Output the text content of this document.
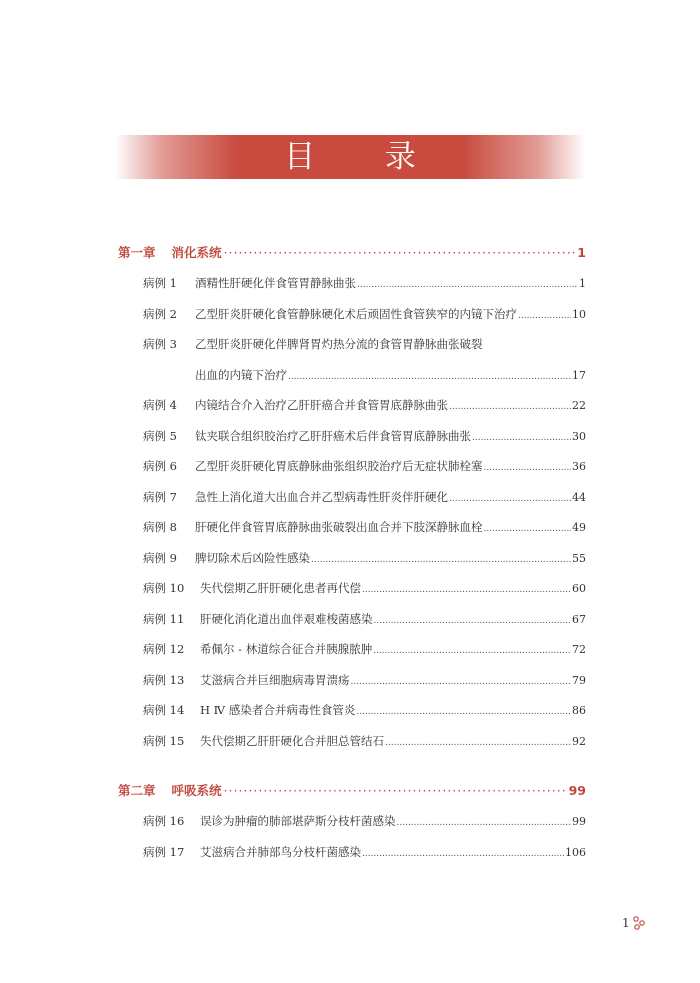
目 录
第一章 消化系统 ·····	1
病例 1	酒精性肝硬化伴食管胃静脉曲张 .....	1
病例 2	乙型肝炎肝硬化食管静脉硬化术后顽固性食管狭窄的内镜下治疗 .....	10
病例 3	乙型肝炎肝硬化伴脾肾胃灼热分流的食管胃静脉曲张破裂
出血的内镜下治疗 .....	17
病例 4	内镜结合介入治疗乙肝肝癌合并食管胃底静脉曲张 .....	22
病例 5	钛夹联合组织胶治疗乙肝肝癌术后伴食管胃底静脉曲张 .....	30
病例 6	乙型肝炎肝硬化胃底静脉曲张组织胶治疗后无症状肺栓塞 .....	36
病例 7	急性上消化道大出血合并乙型病毒性肝炎伴肝硬化 .....	44
病例 8	肝硬化伴食管胃底静脉曲张破裂出血合并下肢深静脉血栓 .....	49
病例 9	脾切除术后凶险性感染 .....	55
病例 10	失代偿期乙肝肝硬化患者再代偿 .....	60
病例 11	肝硬化消化道出血伴艰难梭菌感染 .....	67
病例 12	希佩尔 - 林道综合征合并胰腺脓肿 .....	72
病例 13	艾滋病合并巨细胞病毒胃溃疡 .....	79
病例 14	H Ⅳ 感染者合并病毒性食管炎 .....	86
病例 15	失代偿期乙肝肝硬化合并胆总管结石 .....	92
第二章 呼吸系统 ·····	99
病例 16	误诊为肿瘤的肺部堪萨斯分枝杆菌感染 .....	99
病例 17	艾滋病合并肺部鸟分枝杆菌感染 .....	106
1
